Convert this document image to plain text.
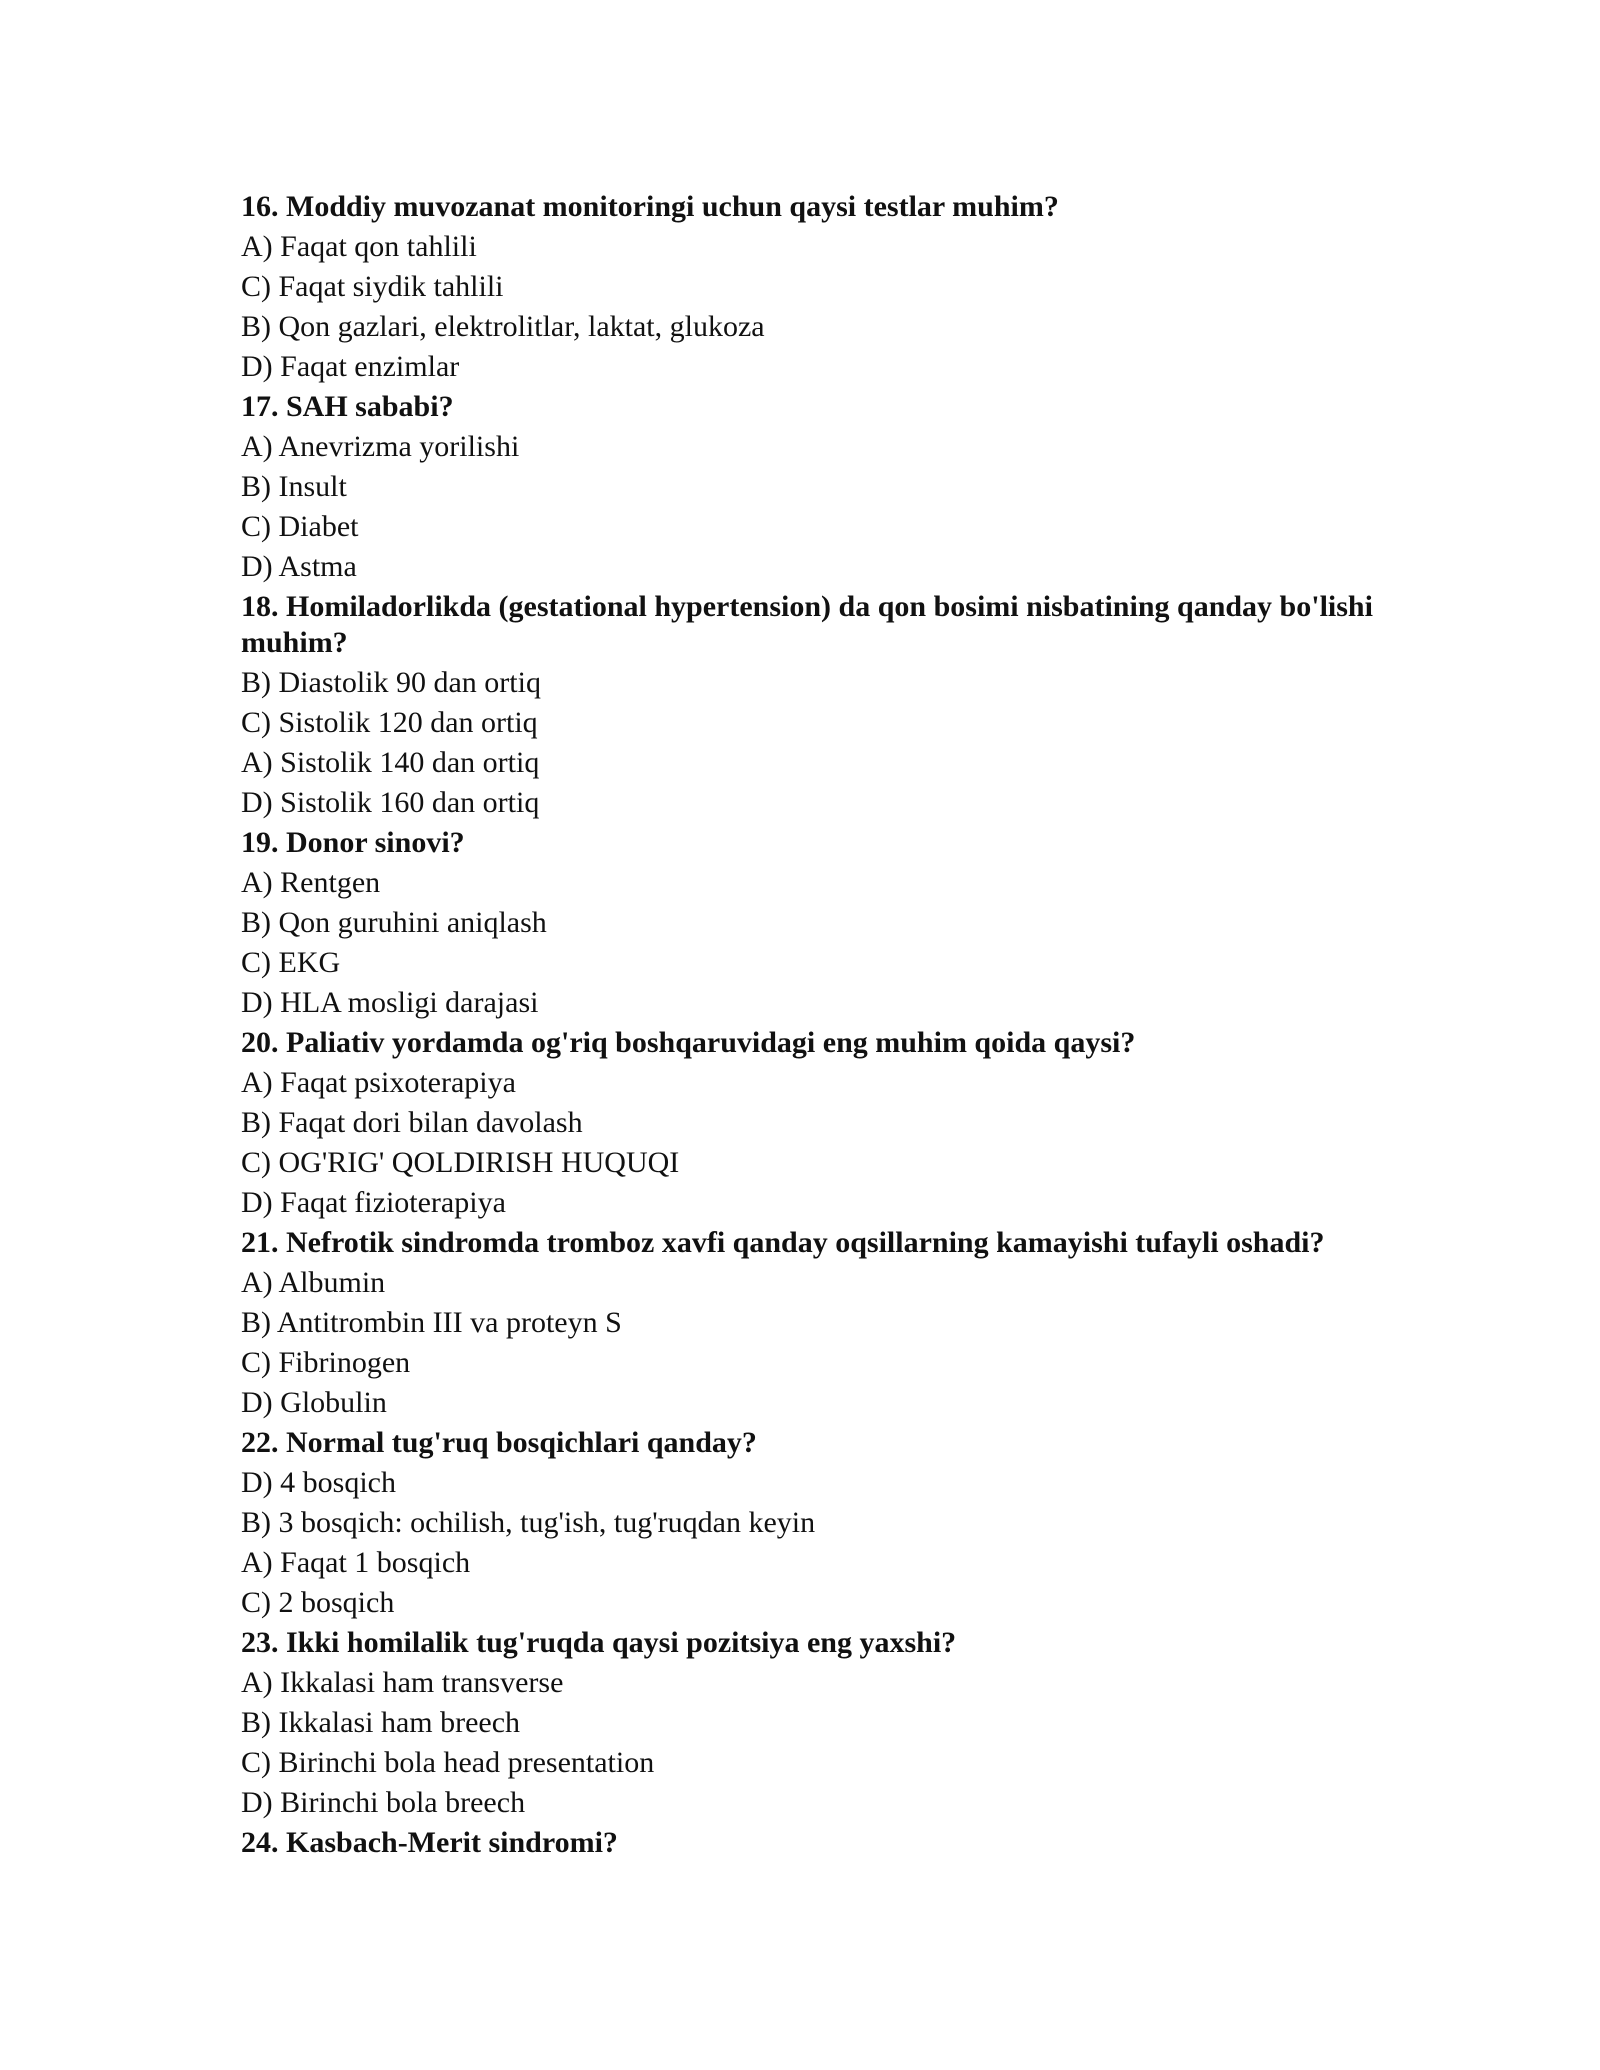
16. Moddiy muvozanat monitoringi uchun qaysi testlar muhim?
A) Faqat qon tahlili
C) Faqat siydik tahlili
B) Qon gazlari, elektrolitlar, laktat, glukoza
D) Faqat enzimlar
17. SAH sababi?
A) Anevrizma yorilishi
B) Insult
C) Diabet
D) Astma
18. Homiladorlikda (gestational hypertension) da qon bosimi nisbatining qanday bo'lishi muhim?
B) Diastolik 90 dan ortiq
C) Sistolik 120 dan ortiq
A) Sistolik 140 dan ortiq
D) Sistolik 160 dan ortiq
19. Donor sinovi?
A) Rentgen
B) Qon guruhini aniqlash
C) EKG
D) HLA mosligi darajasi
20. Paliativ yordamda og'riq boshqaruvidagi eng muhim qoida qaysi?
A) Faqat psixoterapiya
B) Faqat dori bilan davolash
C) OG'RIG' QOLDIRISH HUQUQI
D) Faqat fizioterapiya
21. Nefrotik sindromda tromboz xavfi qanday oqsillarning kamayishi tufayli oshadi?
A) Albumin
B) Antitrombin III va proteyn S
C) Fibrinogen
D) Globulin
22. Normal tug'ruq bosqichlari qanday?
D) 4 bosqich
B) 3 bosqich: ochilish, tug'ish, tug'ruqdan keyin
A) Faqat 1 bosqich
C) 2 bosqich
23. Ikki homilalik tug'ruqda qaysi pozitsiya eng yaxshi?
A) Ikkalasi ham transverse
B) Ikkalasi ham breech
C) Birinchi bola head presentation
D) Birinchi bola breech
24. Kasbach-Merit sindromi?
